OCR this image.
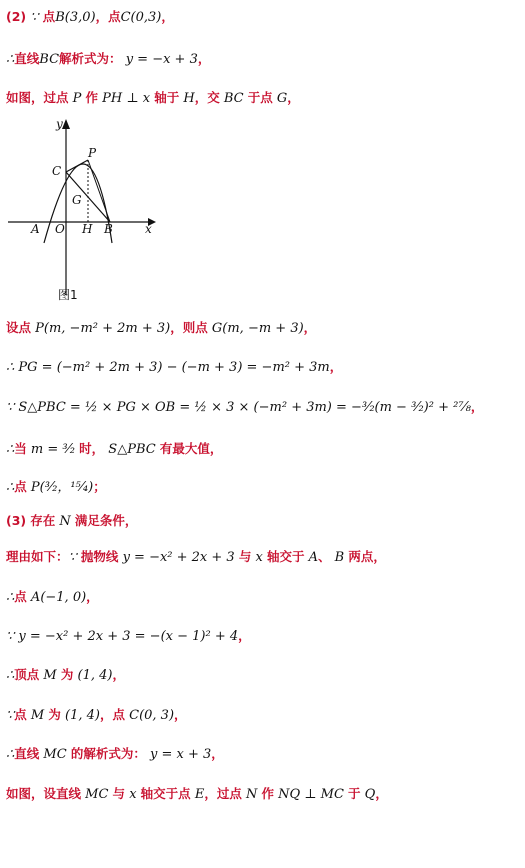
(2) ∵ 点B(3,0)，点C(0,3)，
∴直线BC解析式为： y = −x + 3，
如图，过点 P 作 PH ⊥ x 轴于 H，交 BC 于点 G，
y
x
C
P
G
A O H B
图1
设点 P(m, −m² + 2m + 3)，则点 G(m, −m + 3)，
∴ PG = (−m² + 2m + 3) − (−m + 3) = −m² + 3m，
∵ S△PBC = ½ × PG × OB = ½ × 3 × (−m² + 3m) = −³⁄₂(m − ³⁄₂)² + ²⁷⁄₈，
∴当 m = ³⁄₂ 时， S△PBC 有最大值，
∴点 P(³⁄₂，¹⁵⁄₄)；
(3) 存在 N 满足条件，
理由如下：∵ 抛物线 y = −x² + 2x + 3 与 x 轴交于 A、 B 两点，
∴点 A(−1, 0)，
∵ y = −x² + 2x + 3 = −(x − 1)² + 4，
∴顶点 M 为 (1, 4)，
∵点 M 为 (1, 4)，点 C(0, 3)，
∴直线 MC 的解析式为： y = x + 3，
如图，设直线 MC 与 x 轴交于点 E，过点 N 作 NQ ⊥ MC 于 Q，
